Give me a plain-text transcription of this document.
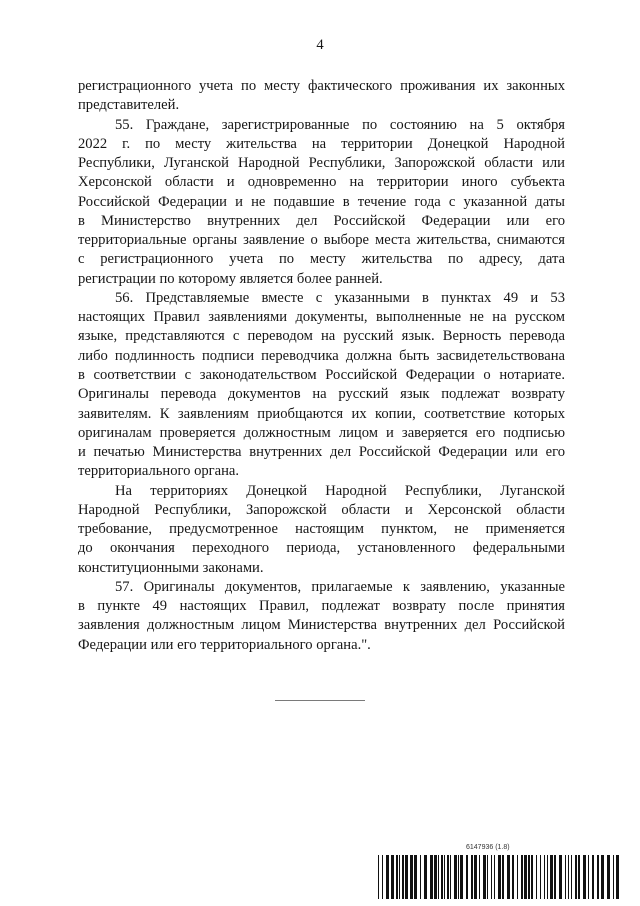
4
регистрационного учета по месту фактического проживания их законных
представителей.
55. Граждане, зарегистрированные по состоянию на 5 октября
2022 г. по месту жительства на территории Донецкой Народной
Республики, Луганской Народной Республики, Запорожской области или
Херсонской области и одновременно на территории иного субъекта
Российской Федерации и не подавшие в течение года с указанной даты
в Министерство внутренних дел Российской Федерации или его
территориальные органы заявление о выборе места жительства, снимаются
с регистрационного учета по месту жительства по адресу, дата
регистрации по которому является более ранней.
56. Представляемые вместе с указанными в пунктах 49 и 53
настоящих Правил заявлениями документы, выполненные не на русском
языке, представляются с переводом на русский язык. Верность перевода
либо подлинность подписи переводчика должна быть засвидетельствована
в соответствии с законодательством Российской Федерации о нотариате.
Оригиналы перевода документов на русский язык подлежат возврату
заявителям. К заявлениям приобщаются их копии, соответствие которых
оригиналам проверяется должностным лицом и заверяется его подписью
и печатью Министерства внутренних дел Российской Федерации или его
территориального органа.
На территориях Донецкой Народной Республики, Луганской
Народной Республики, Запорожской области и Херсонской области
требование, предусмотренное настоящим пунктом, не применяется
до окончания переходного периода, установленного федеральными
конституционными законами.
57. Оригиналы документов, прилагаемые к заявлению, указанные
в пункте 49 настоящих Правил, подлежат возврату после принятия
заявления должностным лицом Министерства внутренних дел Российской
Федерации или его территориального органа.".
6147936 (1.8)
